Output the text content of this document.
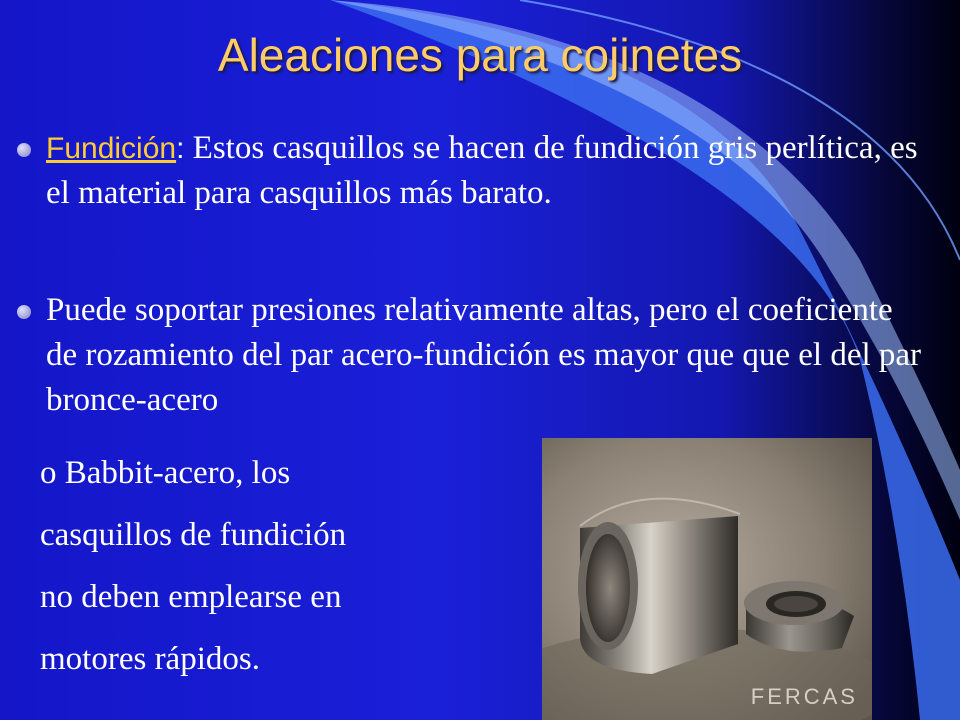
Aleaciones para cojinetes
Fundición: Estos casquillos se hacen de fundición gris perlítica, es el material para casquillos más barato.
Puede soportar presiones relativamente altas, pero el coeficiente de rozamiento del par acero-fundición es mayor que que el del par bronce-acero
o Babbit-acero, los
casquillos de fundición
no deben emplearse en
motores rápidos.
FERCAS
